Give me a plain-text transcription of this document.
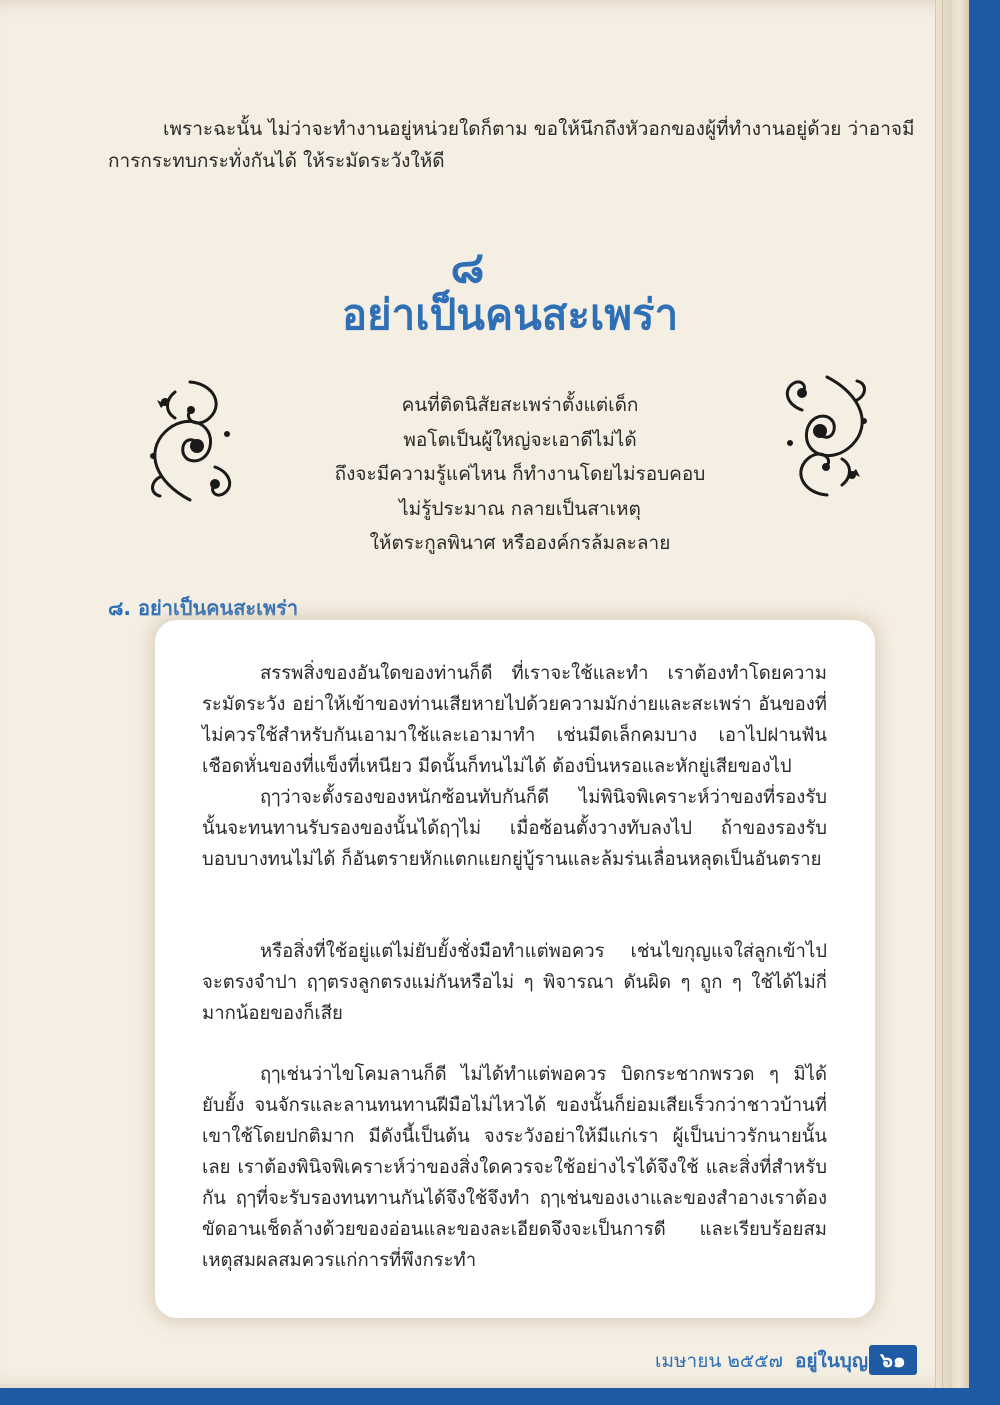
เพราะฉะนั้น ไม่ว่าจะทำงานอยู่หน่วยใดก็ตาม ขอให้นึกถึงหัวอกของผู้ที่ทำงานอยู่ด้วย ว่าอาจมีการกระทบกระทั่งกันได้ ให้ระมัดระวังให้ดี

๘
อย่าเป็นคนสะเพร่า
คนที่ติดนิสัยสะเพร่าตั้งแต่เด็ก
พอโตเป็นผู้ใหญ่จะเอาดีไม่ได้
ถึงจะมีความรู้แค่ไหน ก็ทำงานโดยไม่รอบคอบ
ไม่รู้ประมาณ กลายเป็นสาเหตุ
ให้ตระกูลพินาศ หรือองค์กรล้มละลาย
๘. อย่าเป็นคนสะเพร่า

สรรพสิ่งของอันใดของท่านก็ดี ที่เราจะใช้และทำ เราต้องทำโดยความระมัดระวัง อย่าให้เข้าของท่านเสียหายไปด้วยความมักง่ายและสะเพร่า อันของที่ไม่ควรใช้สำหรับกันเอามาใช้และเอามาทำ เช่นมีดเล็กคมบาง เอาไปฝานฟันเชือดหั่นของที่แข็งที่เหนียว มีดนั้นก็ทนไม่ได้ ต้องบิ่นหรอและหักยู่เสียของไป

ฤๅว่าจะตั้งรองของหนักซ้อนทับกันก็ดี ไม่พินิจพิเคราะห์ว่าของที่รองรับนั้นจะทนทานรับรองของนั้นได้ฤๅไม่ เมื่อซ้อนตั้งวางทับลงไป ถ้าของรองรับบอบบางทนไม่ได้ ก็อันตรายหักแตกแยกยู่บู้รานและล้มร่นเลื่อนหลุดเป็นอันตราย

หรือสิ่งที่ใช้อยู่แต่ไม่ยับยั้งชั่งมือทำแต่พอควร เช่นไขกุญแจใส่ลูกเข้าไปจะตรงจำปา ฤๅตรงลูกตรงแม่กันหรือไม่ ๆ พิจารณา ดันผิด ๆ ถูก ๆ ใช้ได้ไม่กี่มากน้อยของก็เสีย

ฤๅเช่นว่าไขโคมลานก็ดี ไม่ได้ทำแต่พอควร บิดกระชากพรวด ๆ มิได้ยับยั้ง จนจักรและลานทนทานฝีมือไม่ไหวได้ ของนั้นก็ย่อมเสียเร็วกว่าชาวบ้านที่เขาใช้โดยปกติมาก มีดังนี้เป็นต้น จงระวังอย่าให้มีแก่เรา ผู้เป็นบ่าวรักนายนั้นเลย เราต้องพินิจพิเคราะห์ว่าของสิ่งใดควรจะใช้อย่างไรได้จึงใช้ และสิ่งที่สำหรับกัน ฤๅที่จะรับรองทนทานกันได้จึงใช้จึงทำ ฤๅเช่นของเงาและของสำอางเราต้องขัดอานเช็ดล้างด้วยของอ่อนและของละเอียดจึงจะเป็นการดี และเรียบร้อยสมเหตุสมผลสมควรแก่การที่พึงกระทำ

เมษายน ๒๕๕๗ อยู่ในบุญ ๖๑
